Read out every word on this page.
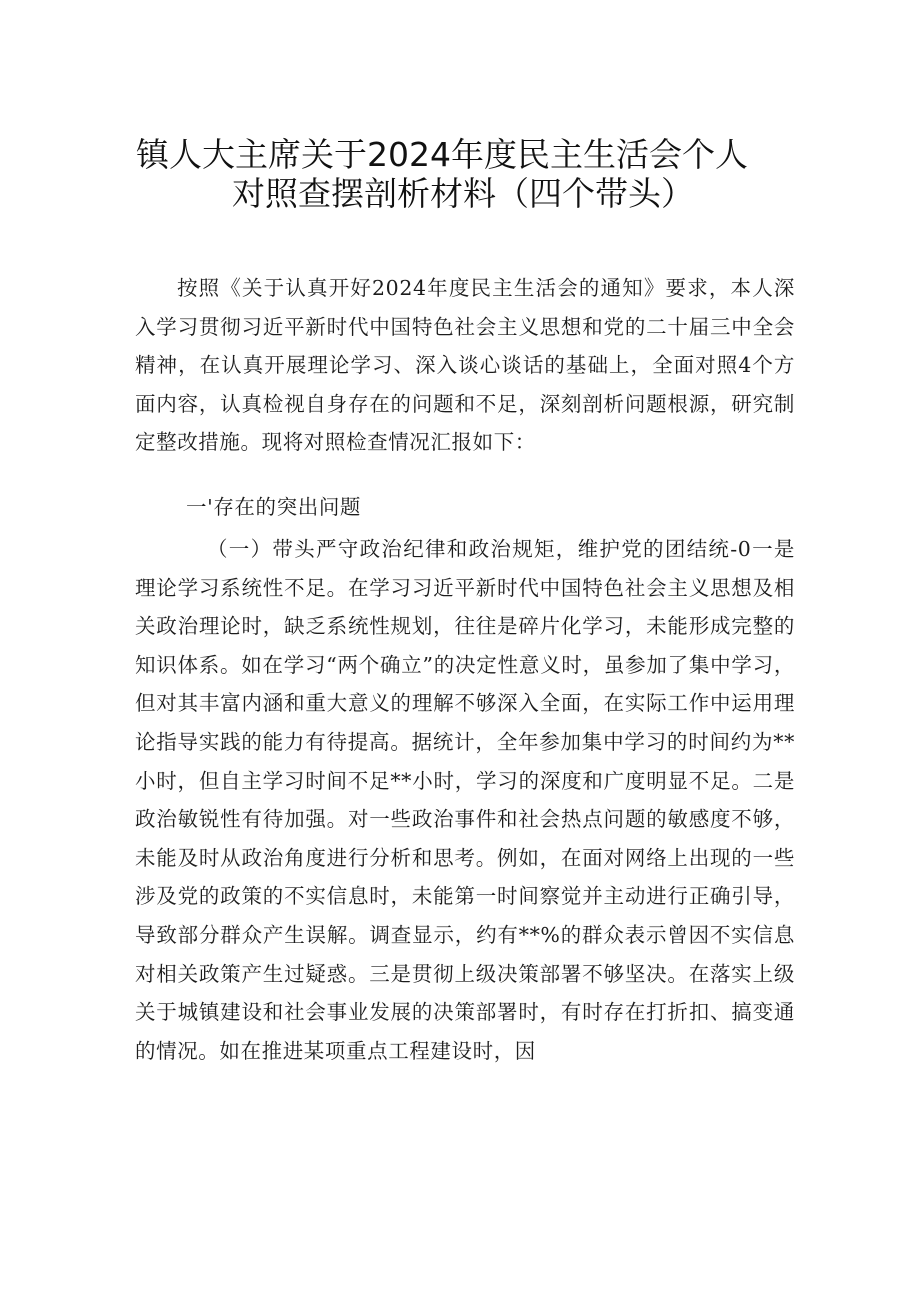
镇人大主席关于2024年度民主生活会个人
对照查摆剖析材料（四个带头）
按照《关于认真开好2024年度民主生活会的通知》要求，本人深入学习贯彻习近平新时代中国特色社会主义思想和党的二十届三中全会精神，在认真开展理论学习、深入谈心谈话的基础上，全面对照4个方面内容，认真检视自身存在的问题和不足，深刻剖析问题根源，研究制定整改措施。现将对照检查情况汇报如下：
一'存在的突出问题
（一）带头严守政治纪律和政治规矩，维护党的团结统-0一是理论学习系统性不足。在学习习近平新时代中国特色社会主义思想及相关政治理论时，缺乏系统性规划，往往是碎片化学习，未能形成完整的知识体系。如在学习“两个确立”的决定性意义时，虽参加了集中学习，但对其丰富内涵和重大意义的理解不够深入全面，在实际工作中运用理论指导实践的能力有待提高。据统计，全年参加集中学习的时间约为**小时，但自主学习时间不足**小时，学习的深度和广度明显不足。二是政治敏锐性有待加强。对一些政治事件和社会热点问题的敏感度不够，未能及时从政治角度进行分析和思考。例如，在面对网络上出现的一些涉及党的政策的不实信息时，未能第一时间察觉并主动进行正确引导，导致部分群众产生误解。调查显示，约有**%的群众表示曾因不实信息对相关政策产生过疑惑。三是贯彻上级决策部署不够坚决。在落实上级关于城镇建设和社会事业发展的决策部署时，有时存在打折扣、搞变通的情况。如在推进某项重点工程建设时，因
